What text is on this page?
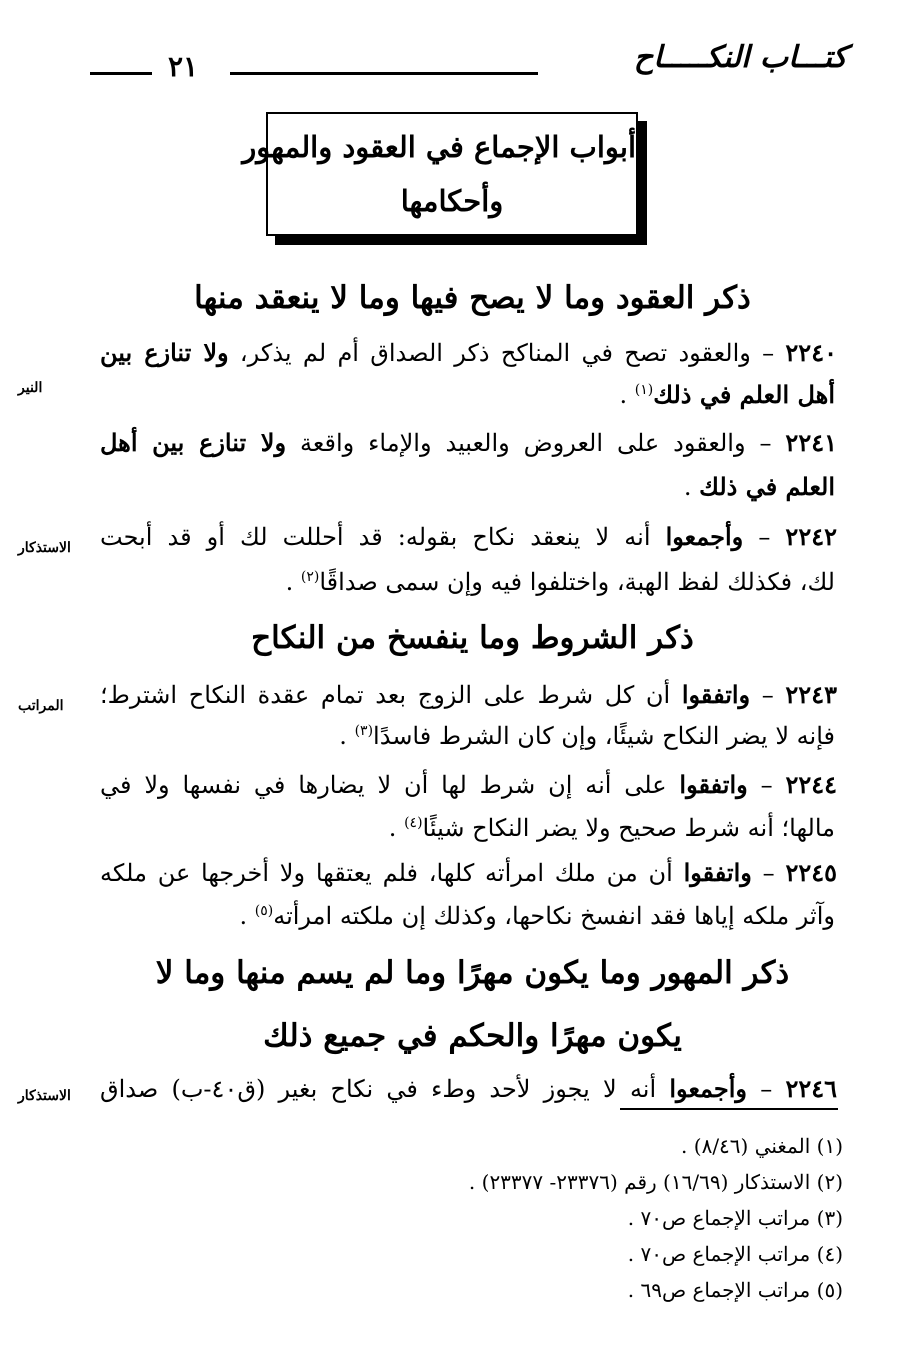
كتـــاب النكـــــاح
٢١
أبواب الإجماع في العقود والمهور
وأحكامها
ذكر العقود وما لا يصح فيها وما لا ينعقد منها
النير
٢٢٤٠ – والعقود تصح في المناكح ذكر الصداق أم لم يذكر، ولا تنازع بين
أهل العلم في ذلك$^{(١)}$ .
٢٢٤١ – والعقود على العروض والعبيد والإماء واقعة ولا تنازع بين أهل
العلم في ذلك .
الاستذكار	٢٢٤٢ – وأجمعوا أنه لا ينعقد نكاح بقوله: قد أحللت لك أو قد أبحت
لك، فكذلك لفظ الهبة، واختلفوا فيه وإن سمى صداقًا$^{(٢)}$ .
ذكر الشروط وما ينفسخ من النكاح
المراتب	٢٢٤٣ – واتفقوا أن كل شرط على الزوج بعد تمام عقدة النكاح اشترط؛
فإنه لا يضر النكاح شيئًا، وإن كان الشرط فاسدًا$^{(٣)}$ .
٢٢٤٤ – واتفقوا على أنه إن شرط لها أن لا يضارها في نفسها ولا في
مالها؛ أنه شرط صحيح ولا يضر النكاح شيئًا$^{(٤)}$ .
٢٢٤٥ – واتفقوا أن من ملك امرأته كلها، فلم يعتقها ولا أخرجها عن ملكه
وآثر ملكه إياها فقد انفسخ نكاحها، وكذلك إن ملكته امرأته$^{(٥)}$ .
ذكر المهور وما يكون مهرًا وما لم يسم منها وما لا
يكون مهرًا والحكم في جميع ذلك
الاستذكار	٢٢٤٦ – وأجمعوا أنه لا يجوز لأحد وطء في نكاح بغير (ق٤٠-ب) صداق
(١) المغني (٨/٤٦) .
(٢) الاستذكار (١٦/٦٩) رقم (٢٣٣٧٦- ٢٣٣٧٧) .
(٣) مراتب الإجماع ص٧٠ .
(٤) مراتب الإجماع ص٧٠ .
(٥) مراتب الإجماع ص٦٩ .
